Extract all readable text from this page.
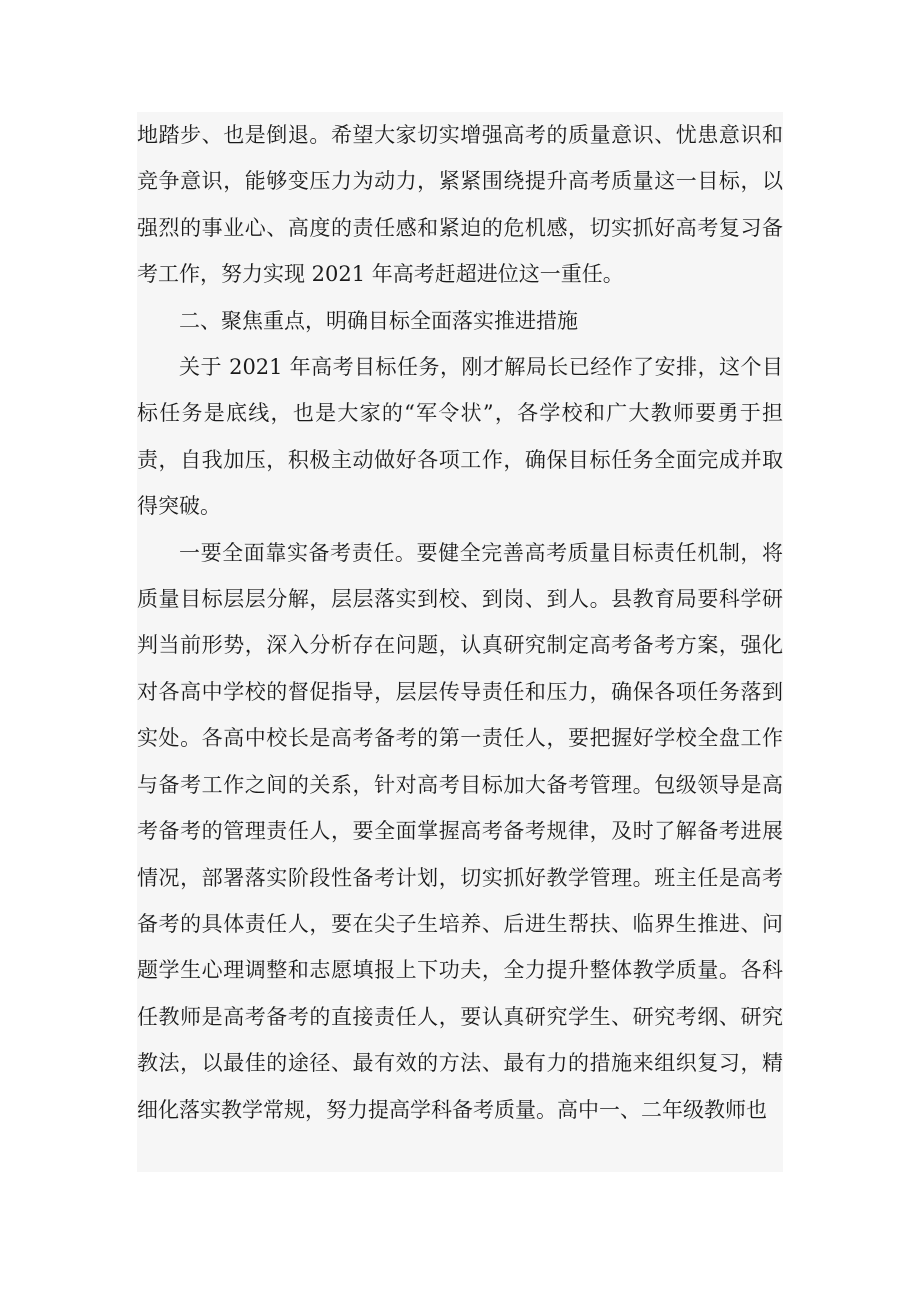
地踏步、也是倒退。希望大家切实增强高考的质量意识、忧患意识和竞争意识，能够变压力为动力，紧紧围绕提升高考质量这一目标，以强烈的事业心、高度的责任感和紧迫的危机感，切实抓好高考复习备考工作，努力实现 2021 年高考赶超进位这一重任。

二、聚焦重点，明确目标全面落实推进措施

关于 2021 年高考目标任务，刚才解局长已经作了安排，这个目标任务是底线，也是大家的“军令状”，各学校和广大教师要勇于担责，自我加压，积极主动做好各项工作，确保目标任务全面完成并取得突破。

一要全面靠实备考责任。要健全完善高考质量目标责任机制，将质量目标层层分解，层层落实到校、到岗、到人。县教育局要科学研判当前形势，深入分析存在问题，认真研究制定高考备考方案，强化对各高中学校的督促指导，层层传导责任和压力，确保各项任务落到实处。各高中校长是高考备考的第一责任人，要把握好学校全盘工作与备考工作之间的关系，针对高考目标加大备考管理。包级领导是高考备考的管理责任人，要全面掌握高考备考规律，及时了解备考进展情况，部署落实阶段性备考计划，切实抓好教学管理。班主任是高考备考的具体责任人，要在尖子生培养、后进生帮扶、临界生推进、问题学生心理调整和志愿填报上下功夫，全力提升整体教学质量。各科任教师是高考备考的直接责任人，要认真研究学生、研究考纲、研究教法，以最佳的途径、最有效的方法、最有力的措施来组织复习，精细化落实教学常规，努力提高学科备考质量。高中一、二年级教师也
